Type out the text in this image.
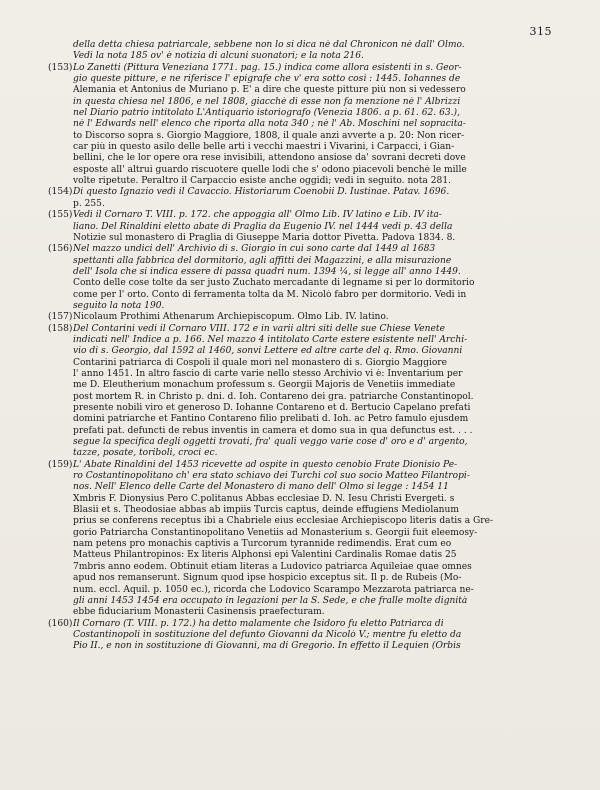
315
della detta chiesa patriarcale, sebbene non lo si dica nè dal Chronicon nè dall' Olmo.
Vedi la nota 185 ov' è notizia di alcuni suonatori; e la nota 216.
(153) Lo Zanetti (Pittura Veneziana 1771. pag. 15.) indica come allora esistenti in s. Geor-
gio queste pitture, e ne riferisce l' epigrafe che v' era sotto così : 1445. Iohannes de
Alemania et Antonius de Muriano p. E' a dire che queste pitture più non si vedessero
in questa chiesa nel 1806, e nel 1808, giacchè di esse non fa menzione nè l' Albrizzi
nel Diario patrio intitolato L'Antiquario istoriografo (Venezia 1806. a p. 61. 62. 63.),
nè l' Edwards nell' elenco che riporta alla nota 340 ; nè l' Ab. Moschini nel sopracita-
to Discorso sopra s. Giorgio Maggiore, 1808, il quale anzi avverte a p. 20: Non ricer-
car più in questo asilo delle belle arti i vecchi maestri i Vivarini, i Carpacci, i Gian-
bellini, che le lor opere ora rese invisibili, attendono ansiose da' sovrani decreti dove
esposte all' altrui guardo riscuotere quelle lodi che s' odono piacevoli benchè le mille
volte ripetute. Peraltro il Carpaccio esiste anche oggidì; vedi in seguito. nota 281.
(154) Di questo Ignazio vedi il Cavaccio. Historiarum Coenobii D. Iustinae. Patav. 1696.
p. 255.
(155) Vedi il Cornaro T. VIII. p. 172. che appoggia all' Olmo Lib. IV latino e Lib. IV ita-
liano. Del Rinaldini eletto abate di Praglia da Eugenio IV. nel 1444 vedi p. 43 della
Notizie sul monastero di Praglia di Giuseppe Maria dottor Pivetta. Padova 1834. 8.
(156) Nel mazzo undici dell' Archivio di s. Giorgio in cui sono carte dal 1449 al 1683
spettanti alla fabbrica del dormitorio, agli affitti dei Magazzini, e alla misurazione
dell' Isola che si indica essere di passa quadri num. 1394 ¼, si legge all' anno 1449.
Conto delle cose tolte da ser justo Zuchato mercadante di legname si per lo dormitorio
come per l' orto. Conto di ferramenta tolta da M. Nicolò fabro per dormitorio. Vedi in
seguito la nota 190.
(157) Nicolaum Prothimi Athenarum Archiepiscopum. Olmo Lib. IV. latino.
(158) Del Contarini vedi il Cornaro VIII. 172 e in varii altri siti delle sue Chiese Venete
indicati nell' Indice a p. 166. Nel mazzo 4 intitolato Carte estere esistente nell' Archi-
vio di s. Georgio, dal 1592 al 1460, sonvi Lettere ed altre carte del q. Rmo. Giovanni
Contarini patriarca di Cospoli il quale morì nel monastero di s. Giorgio Maggiore
l' anno 1451. In altro fascio di carte varie nello stesso Archivio vi è: Inventarium per
me D. Eleutherium monachum professum s. Georgii Majoris de Venetiis immediate
post mortem R. in Christo p. dni. d. Ioh. Contareno dei gra. patriarche Constantinopol.
presente nobili viro et generoso D. Iohanne Contareno et d. Bertucio Capelano prefati
domini patriarche et Fantino Contareno filio prelibati d. Ioh. ac Petro famulo ejusdem
prefati pat. defuncti de rebus inventis in camera et domo sua in qua defunctus est. . . .
segue la specifica degli oggetti trovati, fra' quali veggo varie cose d' oro e d' argento,
tazze, posate, toriboli, croci ec.
(159) L' Abate Rinaldini del 1453 ricevette ad ospite in questo cenobio Frate Dionisio Pe-
ro Costantinopolitano ch' era stato schiavo dei Turchi col suo socio Matteo Filantropi-
nos. Nell' Elenco delle Carte del Monastero di mano dell' Olmo si legge : 1454 11
Xmbris F. Dionysius Pero C.politanus Abbas ecclesiae D. N. Iesu Christi Evergeti. s
Blasii et s. Theodosiae abbas ab impiis Turcis captus, deinde effugiens Mediolanum
prius se conferens receptus ibi a Chabriele eius ecclesiae Archiepiscopo literis datis a Gre-
gorio Patriarcha Constantinopolitano Venetiis ad Monasterium s. Georgii fuit eleemosy-
nam petens pro monachis captivis a Turcorum tyrannide redimendis. Erat cum eo
Matteus Philantropinos: Ex literis Alphonsi epi Valentini Cardinalis Romae datis 25
7mbris anno eodem. Obtinuit etiam literas a Ludovico patriarca Aquileiae quae omnes
apud nos remanserunt. Signum quod ipse hospicio exceptus sit. Il p. de Rubeis (Mo-
num. eccl. Aquil. p. 1050 ec.), ricorda che Lodovico Scarampo Mezzarota patriarca ne-
gli anni 1453 1454 era occupato in legazioni per la S. Sede, e che fralle molte dignità
ebbe fiduciarium Monasterii Casinensis praefecturam.
(160) Il Cornaro (T. VIII. p. 172.) ha detto malamente che Isidoro fu eletto Patriarca di
Costantinopoli in sostituzione del defunto Giovanni da Nicolò V.; mentre fu eletto da
Pio II., e non in sostituzione di Giovanni, ma di Gregorio. In effetto il Lequien (Orbis
